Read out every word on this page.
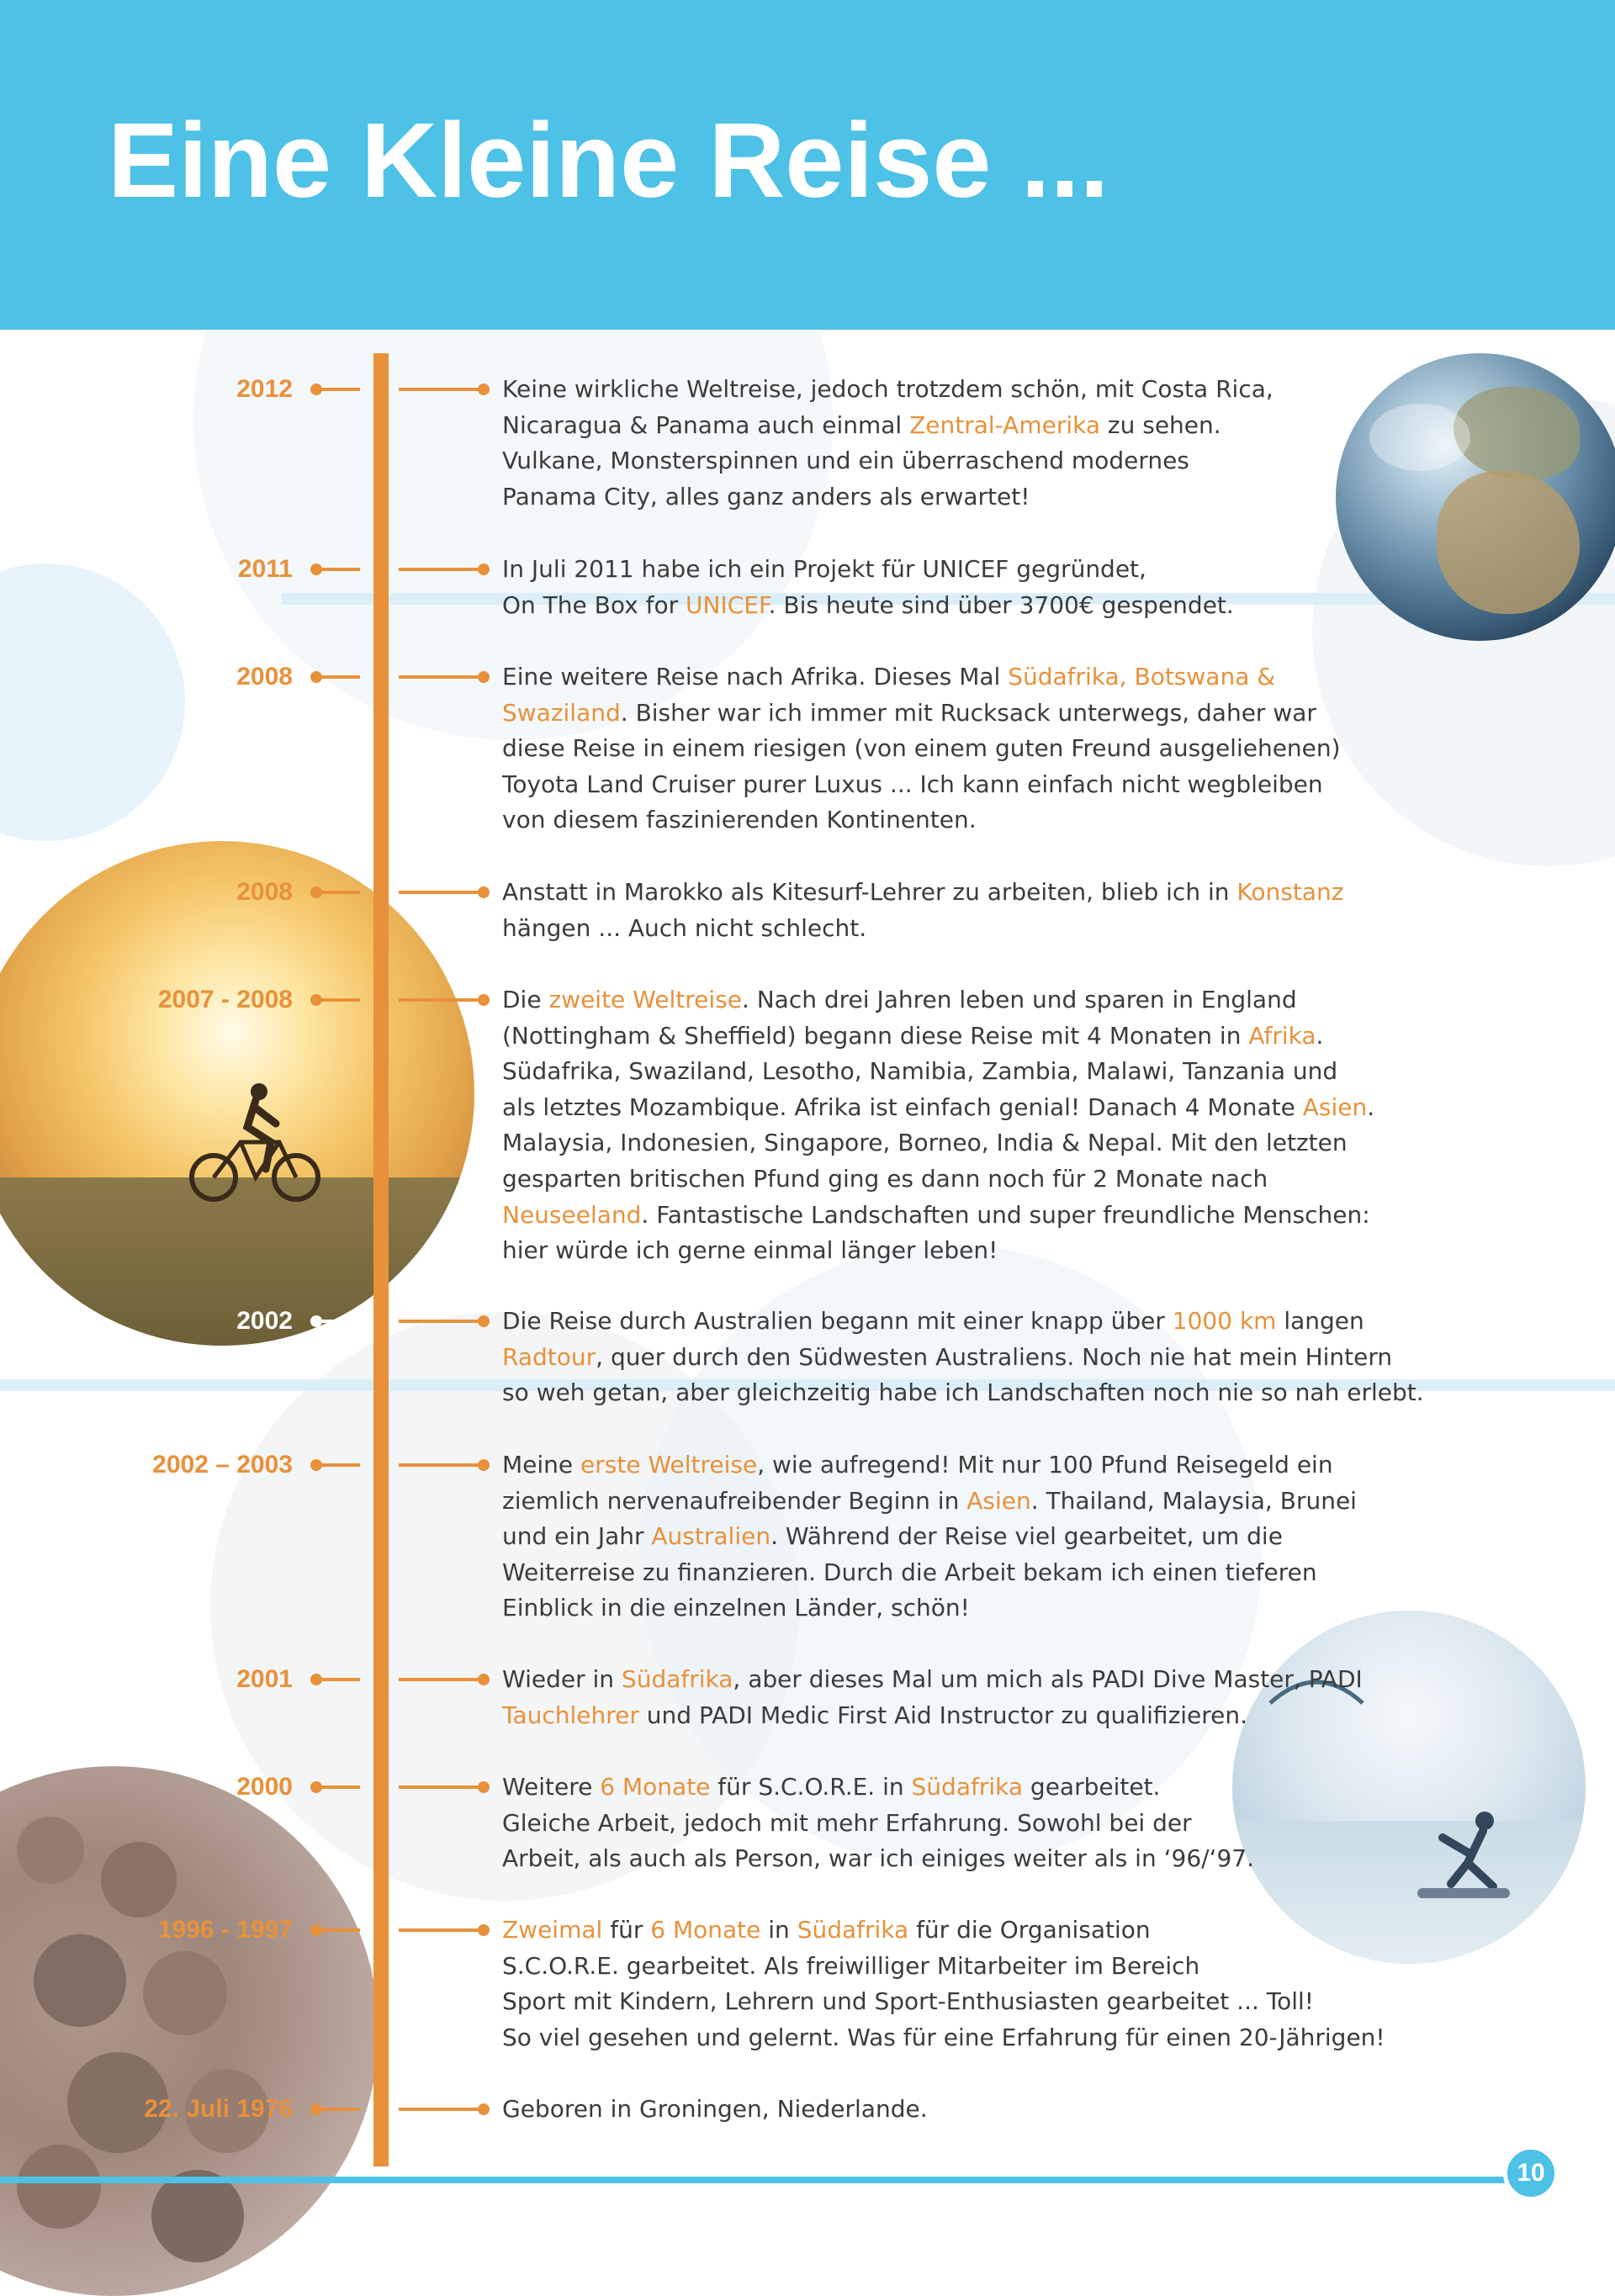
Eine Kleine Reise ...
2012	Keine wirkliche Weltreise, jedoch trotzdem schön, mit Costa Rica,
Nicaragua & Panama auch einmal Zentral-Amerika zu sehen.
Vulkane, Monsterspinnen und ein überraschend modernes
Panama City, alles ganz anders als erwartet!
2011	In Juli 2011 habe ich ein Projekt für UNICEF gegründet,
On The Box for UNICEF. Bis heute sind über 3700€ gespendet.
2008	Eine weitere Reise nach Afrika. Dieses Mal Südafrika, Botswana &
Swaziland. Bisher war ich immer mit Rucksack unterwegs, daher war
diese Reise in einem riesigen (von einem guten Freund ausgeliehenen)
Toyota Land Cruiser purer Luxus ... Ich kann einfach nicht wegbleiben
von diesem faszinierenden Kontinenten.
2008	Anstatt in Marokko als Kitesurf-Lehrer zu arbeiten, blieb ich in Konstanz
hängen ... Auch nicht schlecht.
2007 - 2008	Die zweite Weltreise. Nach drei Jahren leben und sparen in England
(Nottingham & Sheffield) begann diese Reise mit 4 Monaten in Afrika.
Südafrika, Swaziland, Lesotho, Namibia, Zambia, Malawi, Tanzania und
als letztes Mozambique. Afrika ist einfach genial! Danach 4 Monate Asien.
Malaysia, Indonesien, Singapore, Borneo, India & Nepal. Mit den letzten
gesparten britischen Pfund ging es dann noch für 2 Monate nach
Neuseeland. Fantastische Landschaften und super freundliche Menschen:
hier würde ich gerne einmal länger leben!
2002	Die Reise durch Australien begann mit einer knapp über 1000 km langen
Radtour, quer durch den Südwesten Australiens. Noch nie hat mein Hintern
so weh getan, aber gleichzeitig habe ich Landschaften noch nie so nah erlebt.
2002 – 2003	Meine erste Weltreise, wie aufregend! Mit nur 100 Pfund Reisegeld ein
ziemlich nervenaufreibender Beginn in Asien. Thailand, Malaysia, Brunei
und ein Jahr Australien. Während der Reise viel gearbeitet, um die
Weiterreise zu finanzieren. Durch die Arbeit bekam ich einen tieferen
Einblick in die einzelnen Länder, schön!
2001	Wieder in Südafrika, aber dieses Mal um mich als PADI Dive Master, PADI
Tauchlehrer und PADI Medic First Aid Instructor zu qualifizieren.
2000	Weitere 6 Monate für S.C.O.R.E. in Südafrika gearbeitet.
Gleiche Arbeit, jedoch mit mehr Erfahrung. Sowohl bei der
Arbeit, als auch als Person, war ich einiges weiter als in ‘96/‘97.
1996 - 1997	Zweimal für 6 Monate in Südafrika für die Organisation
S.C.O.R.E. gearbeitet. Als freiwilliger Mitarbeiter im Bereich
Sport mit Kindern, Lehrern und Sport-Enthusiasten gearbeitet ... Toll!
So viel gesehen und gelernt. Was für eine Erfahrung für einen 20-Jährigen!
22. Juli 1976	Geboren in Groningen, Niederlande.
10
